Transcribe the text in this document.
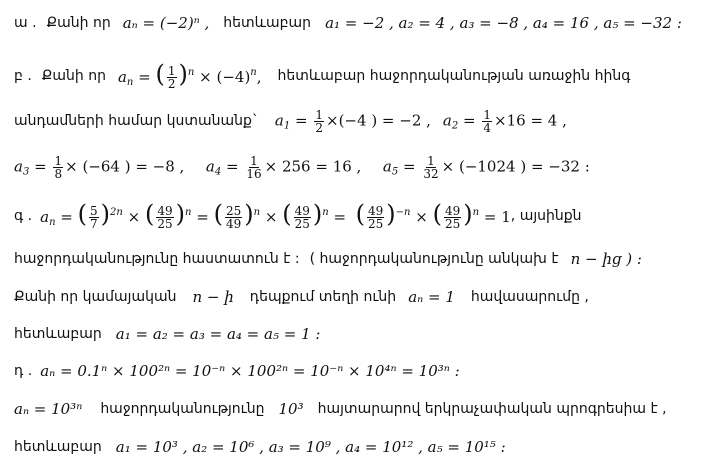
ա . Քանի որ aₙ = (−2)ⁿ , հետևաբար a₁ = −2 , a₂ = 4 , a₃ = −8 , a₄ = 16 , a₅ = −32 :
բ . Քանի որ $a_n$ = ( $\frac{1}{2} )^n \times (-4)^n$, հետևաբար հաջորդականության առաջին հինգ
անդամների համար կստանանք` $a_1 = \frac{1}{2} \times(-4$ ) = −2 , $a_2 = \frac{1}{4} \times 16 = 4$ ,
$a_3 = \frac{1}{8} \times (-64$ ) = −8 ,  $a_4 = \frac{1}{16} \times 256 = 16$ ,  $a_5 = \frac{1}{32} \times (-1024$ ) = −32 :
գ . $a_n$ = ( $\frac{5}{7} )^{2n}$ × ( $\frac{49}{25} )^n$ = ( $\frac{25}{49} )^n$ × ( $\frac{49}{25} )^n$ = ( $\frac{49}{25} )^{-n}$ × ( $\frac{49}{25} )^n = 1$ , այսինքն
հաջորդականությունը հաստատուն է : ( հաջորդականությունը անկախ է n − ից ) :
Քանի որ կամայական n − ի դեպքում տեղի ունի aₙ = 1 հավասարումը ,
հետևաբար a₁ = a₂ = a₃ = a₄ = a₅ = 1 :
դ . aₙ = 0.1ⁿ × 100²ⁿ = 10⁻ⁿ × 100²ⁿ = 10⁻ⁿ × 10⁴ⁿ = 10³ⁿ :
aₙ = 10³ⁿ հաջորդականությունը 10³ հայտարարով երկրաչափական պրոգրեսիա է ,
հետևաբար a₁ = 10³ , a₂ = 10⁶ , a₃ = 10⁹ , a₄ = 10¹² , a₅ = 10¹⁵ :
